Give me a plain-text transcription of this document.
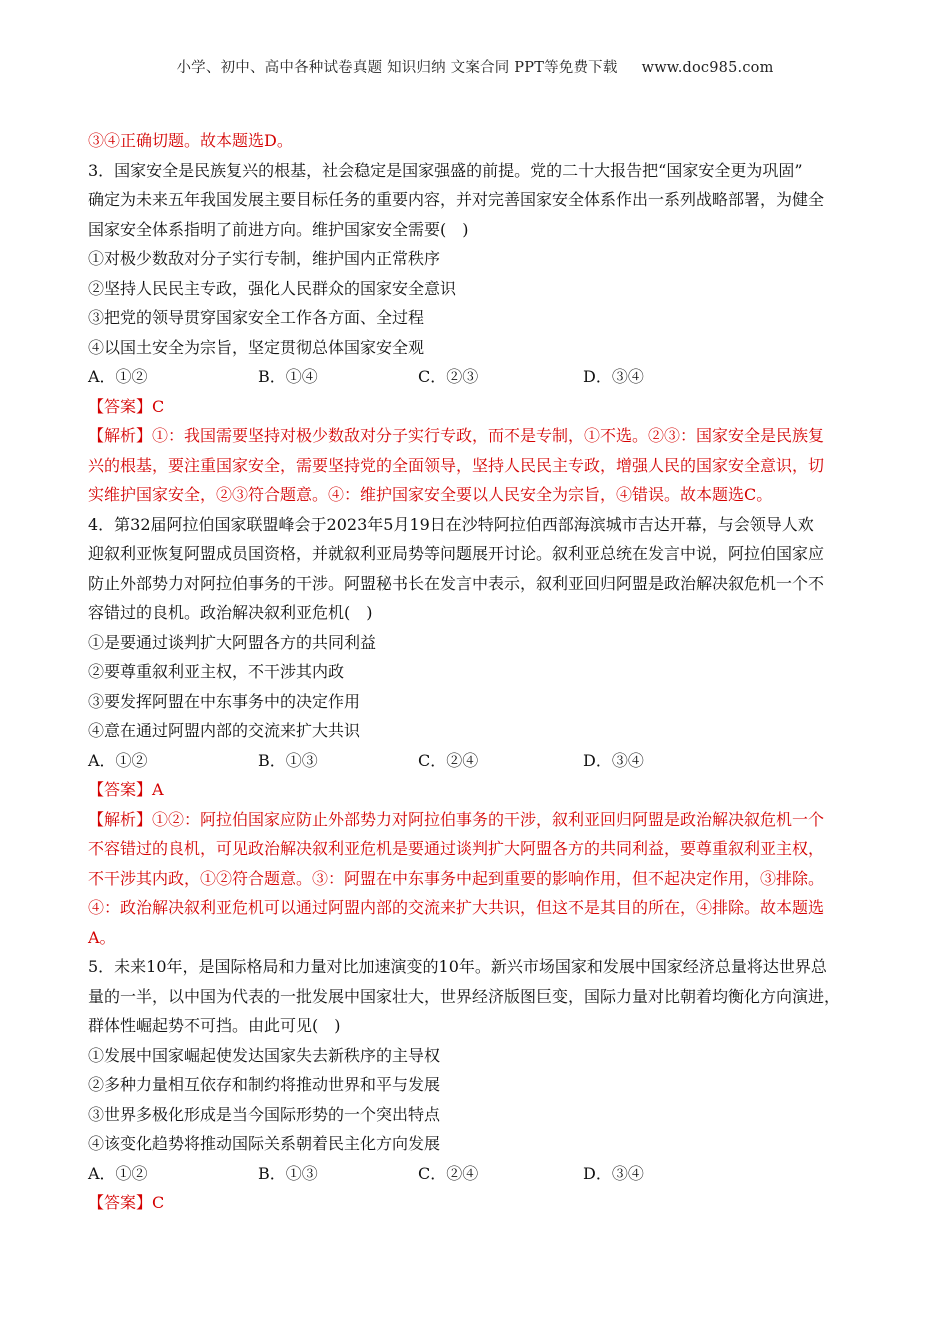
小学、初中、高中各种试卷真题 知识归纳 文案合同 PPT等免费下载 www.doc985.com
③④正确切题。故本题选D。
3．国家安全是民族复兴的根基，社会稳定是国家强盛的前提。党的二十大报告把“国家安全更为巩固”
确定为未来五年我国发展主要目标任务的重要内容，并对完善国家安全体系作出一系列战略部署，为健全
国家安全体系指明了前进方向。维护国家安全需要(　)
①对极少数敌对分子实行专制，维护国内正常秩序
②坚持人民民主专政，强化人民群众的国家安全意识
③把党的领导贯穿国家安全工作各方面、全过程
④以国土安全为宗旨，坚定贯彻总体国家安全观
A．①②	B．①④	C．②③	D．③④
【答案】C
【解析】①：我国需要坚持对极少数敌对分子实行专政，而不是专制，①不选。②③：国家安全是民族复
兴的根基，要注重国家安全，需要坚持党的全面领导，坚持人民民主专政，增强人民的国家安全意识，切
实维护国家安全，②③符合题意。④：维护国家安全要以人民安全为宗旨，④错误。故本题选C。
4．第32届阿拉伯国家联盟峰会于2023年5月19日在沙特阿拉伯西部海滨城市吉达开幕，与会领导人欢
迎叙利亚恢复阿盟成员国资格，并就叙利亚局势等问题展开讨论。叙利亚总统在发言中说，阿拉伯国家应
防止外部势力对阿拉伯事务的干涉。阿盟秘书长在发言中表示，叙利亚回归阿盟是政治解决叙危机一个不
容错过的良机。政治解决叙利亚危机(　)
①是要通过谈判扩大阿盟各方的共同利益
②要尊重叙利亚主权，不干涉其内政
③要发挥阿盟在中东事务中的决定作用
④意在通过阿盟内部的交流来扩大共识
A．①②	B．①③	C．②④	D．③④
【答案】A
【解析】①②：阿拉伯国家应防止外部势力对阿拉伯事务的干涉，叙利亚回归阿盟是政治解决叙危机一个
不容错过的良机，可见政治解决叙利亚危机是要通过谈判扩大阿盟各方的共同利益，要尊重叙利亚主权，
不干涉其内政，①②符合题意。③：阿盟在中东事务中起到重要的影响作用，但不起决定作用，③排除。
④：政治解决叙利亚危机可以通过阿盟内部的交流来扩大共识，但这不是其目的所在，④排除。故本题选
A。
5．未来10年，是国际格局和力量对比加速演变的10年。新兴市场国家和发展中国家经济总量将达世界总
量的一半，以中国为代表的一批发展中国家壮大，世界经济版图巨变，国际力量对比朝着均衡化方向演进，
群体性崛起势不可挡。由此可见(　)
①发展中国家崛起使发达国家失去新秩序的主导权
②多种力量相互依存和制约将推动世界和平与发展
③世界多极化形成是当今国际形势的一个突出特点
④该变化趋势将推动国际关系朝着民主化方向发展
A．①②	B．①③	C．②④	D．③④
【答案】C
